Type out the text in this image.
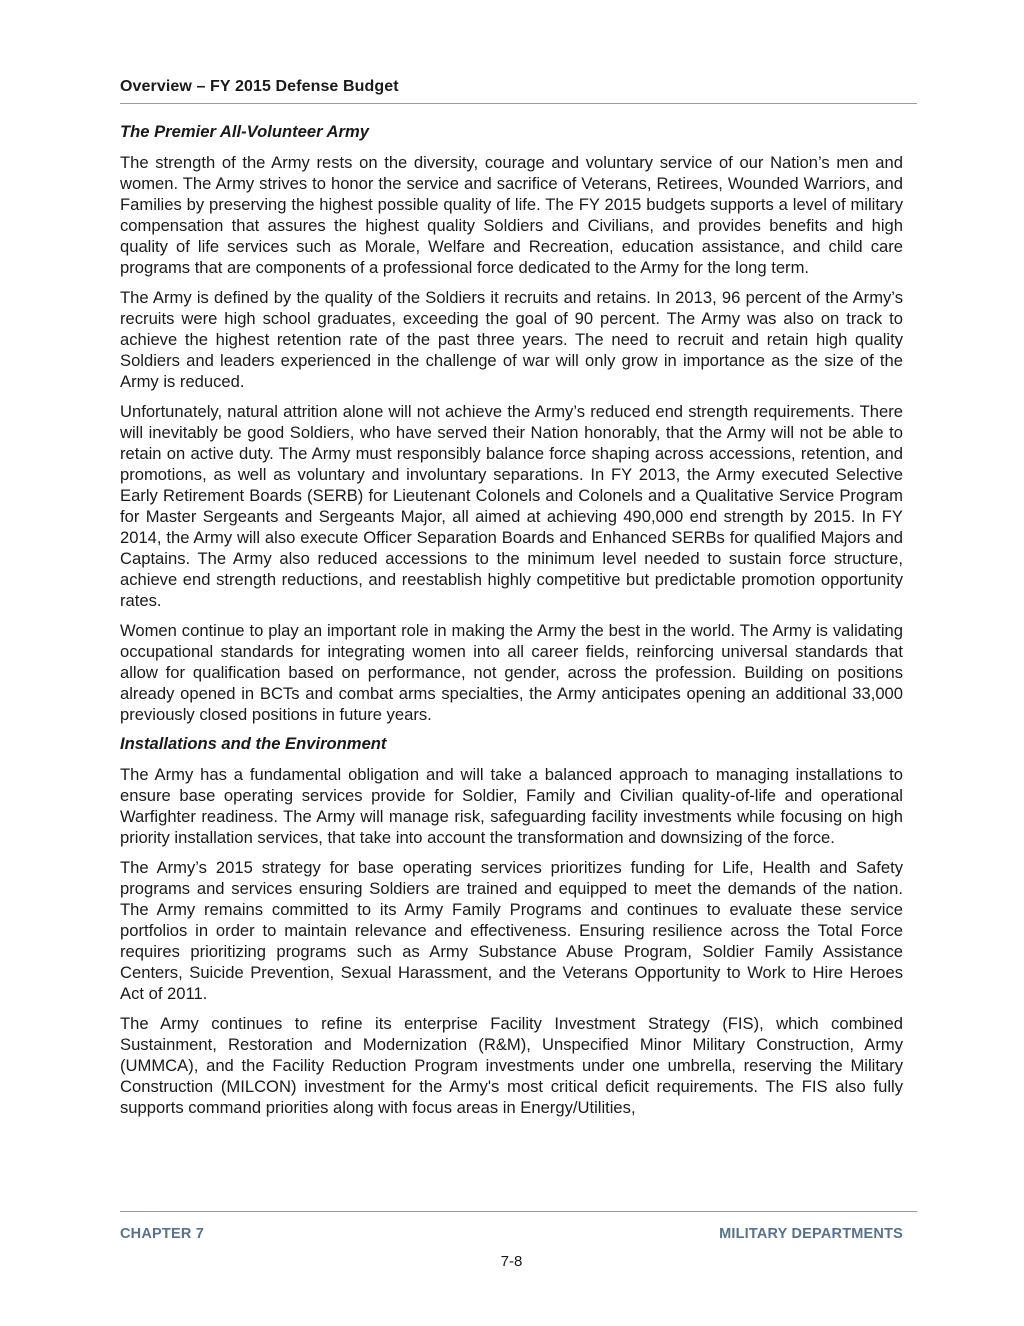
Overview – FY 2015 Defense Budget
The Premier All-Volunteer Army

The strength of the Army rests on the diversity, courage and voluntary service of our Nation’s men and women. The Army strives to honor the service and sacrifice of Veterans, Retirees, Wounded Warriors, and Families by preserving the highest possible quality of life. The FY 2015 budgets supports a level of military compensation that assures the highest quality Soldiers and Civilians, and provides benefits and high quality of life services such as Morale, Welfare and Recreation, education assistance, and child care programs that are components of a professional force dedicated to the Army for the long term.

The Army is defined by the quality of the Soldiers it recruits and retains. In 2013, 96 percent of the Army’s recruits were high school graduates, exceeding the goal of 90 percent. The Army was also on track to achieve the highest retention rate of the past three years. The need to recruit and retain high quality Soldiers and leaders experienced in the challenge of war will only grow in importance as the size of the Army is reduced.

Unfortunately, natural attrition alone will not achieve the Army’s reduced end strength requirements. There will inevitably be good Soldiers, who have served their Nation honorably, that the Army will not be able to retain on active duty. The Army must responsibly balance force shaping across accessions, retention, and promotions, as well as voluntary and involuntary separations. In FY 2013, the Army executed Selective Early Retirement Boards (SERB) for Lieutenant Colonels and Colonels and a Qualitative Service Program for Master Sergeants and Sergeants Major, all aimed at achieving 490,000 end strength by 2015. In FY 2014, the Army will also execute Officer Separation Boards and Enhanced SERBs for qualified Majors and Captains. The Army also reduced accessions to the minimum level needed to sustain force structure, achieve end strength reductions, and reestablish highly competitive but predictable promotion opportunity rates.

Women continue to play an important role in making the Army the best in the world. The Army is validating occupational standards for integrating women into all career fields, reinforcing universal standards that allow for qualification based on performance, not gender, across the profession. Building on positions already opened in BCTs and combat arms specialties, the Army anticipates opening an additional 33,000 previously closed positions in future years.

Installations and the Environment

The Army has a fundamental obligation and will take a balanced approach to managing installations to ensure base operating services provide for Soldier, Family and Civilian quality-of-life and operational Warfighter readiness. The Army will manage risk, safeguarding facility investments while focusing on high priority installation services, that take into account the transformation and downsizing of the force.

The Army’s 2015 strategy for base operating services prioritizes funding for Life, Health and Safety programs and services ensuring Soldiers are trained and equipped to meet the demands of the nation. The Army remains committed to its Army Family Programs and continues to evaluate these service portfolios in order to maintain relevance and effectiveness. Ensuring resilience across the Total Force requires prioritizing programs such as Army Substance Abuse Program, Soldier Family Assistance Centers, Suicide Prevention, Sexual Harassment, and the Veterans Opportunity to Work to Hire Heroes Act of 2011.

The Army continues to refine its enterprise Facility Investment Strategy (FIS), which combined Sustainment, Restoration and Modernization (R&M), Unspecified Minor Military Construction, Army (UMMCA), and the Facility Reduction Program investments under one umbrella, reserving the Military Construction (MILCON) investment for the Army's most critical deficit requirements. The FIS also fully supports command priorities along with focus areas in Energy/Utilities,

CHAPTER 7	MILITARY DEPARTMENTS
7-8
